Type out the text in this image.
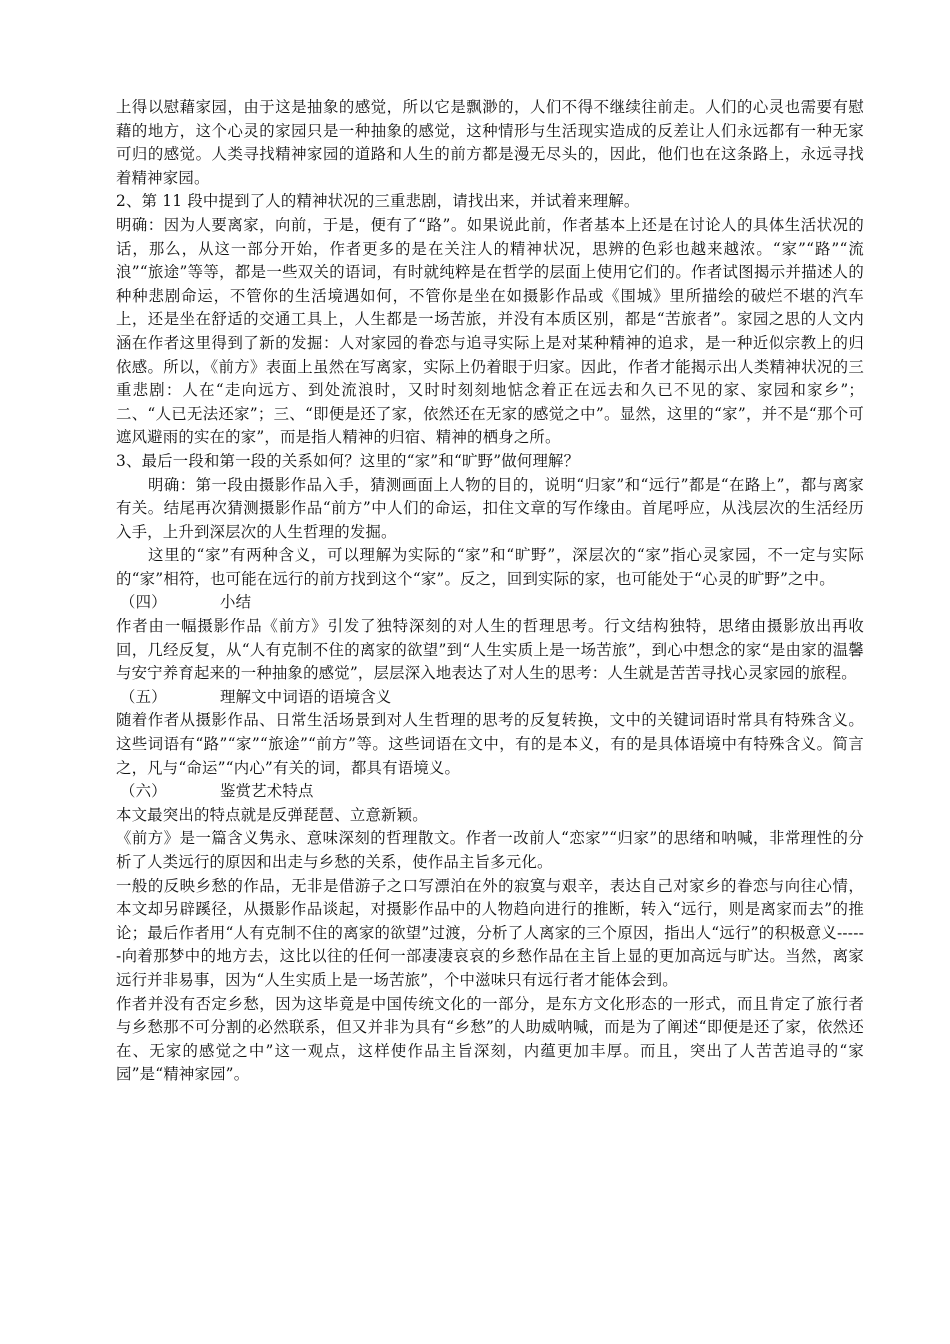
上得以慰藉家园，由于这是抽象的感觉，所以它是飘渺的，人们不得不继续往前走。人们的心灵也需要有慰藉的地方，这个心灵的家园只是一种抽象的感觉，这种情形与生活现实造成的反差让人们永远都有一种无家可归的感觉。人类寻找精神家园的道路和人生的前方都是漫无尽头的，因此，他们也在这条路上，永远寻找着精神家园。

2、第 11 段中提到了人的精神状况的三重悲剧，请找出来，并试着来理解。

明确：因为人要离家，向前，于是，便有了“路”。如果说此前，作者基本上还是在讨论人的具体生活状况的话，那么，从这一部分开始，作者更多的是在关注人的精神状况，思辨的色彩也越来越浓。“家”“路”“流浪”“旅途”等等，都是一些双关的语词，有时就纯粹是在哲学的层面上使用它们的。作者试图揭示并描述人的种种悲剧命运，不管你的生活境遇如何，不管你是坐在如摄影作品或《围城》里所描绘的破烂不堪的汽车上，还是坐在舒适的交通工具上，人生都是一场苦旅，并没有本质区别，都是“苦旅者”。家园之思的人文内涵在作者这里得到了新的发掘：人对家园的眷恋与追寻实际上是对某种精神的追求，是一种近似宗教上的归依感。所以，《前方》表面上虽然在写离家，实际上仍着眼于归家。因此，作者才能揭示出人类精神状况的三重悲剧：人在“走向远方、到处流浪时，又时时刻刻地惦念着正在远去和久已不见的家、家园和家乡”；二、“人已无法还家”；三、“即便是还了家，依然还在无家的感觉之中”。显然，这里的“家”，并不是“那个可遮风避雨的实在的家”，而是指人精神的归宿、精神的栖身之所。

3、最后一段和第一段的关系如何？这里的“家”和“旷野”做何理解？

明确：第一段由摄影作品入手，猜测画面上人物的目的，说明“归家”和“远行”都是“在路上”，都与离家有关。结尾再次猜测摄影作品“前方”中人们的命运，扣住文章的写作缘由。首尾呼应，从浅层次的生活经历入手，上升到深层次的人生哲理的发掘。

这里的“家”有两种含义，可以理解为实际的“家”和“旷野”，深层次的“家”指心灵家园，不一定与实际的“家”相符，也可能在远行的前方找到这个“家”。反之，回到实际的家，也可能处于“心灵的旷野”之中。

（四）	小结

作者由一幅摄影作品《前方》引发了独特深刻的对人生的哲理思考。行文结构独特，思绪由摄影放出再收回，几经反复，从“人有克制不住的离家的欲望”到“人生实质上是一场苦旅”，到心中想念的家“是由家的温馨与安宁养育起来的一种抽象的感觉”，层层深入地表达了对人生的思考：人生就是苦苦寻找心灵家园的旅程。

（五）	理解文中词语的语境含义

随着作者从摄影作品、日常生活场景到对人生哲理的思考的反复转换，文中的关键词语时常具有特殊含义。这些词语有“路”“家”“旅途”“前方”等。这些词语在文中，有的是本义，有的是具体语境中有特殊含义。简言之，凡与“命运”“内心”有关的词，都具有语境义。

（六）	鉴赏艺术特点

本文最突出的特点就是反弹琵琶、立意新颖。

《前方》是一篇含义隽永、意味深刻的哲理散文。作者一改前人“恋家”“归家”的思绪和呐喊，非常理性的分析了人类远行的原因和出走与乡愁的关系，使作品主旨多元化。

一般的反映乡愁的作品，无非是借游子之口写漂泊在外的寂寞与艰辛，表达自己对家乡的眷恋与向往心情，本文却另辟蹊径，从摄影作品谈起，对摄影作品中的人物趋向进行的推断，转入“远行，则是离家而去”的推论；最后作者用“人有克制不住的离家的欲望”过渡，分析了人离家的三个原因，指出人“远行”的积极意义------向着那梦中的地方去，这比以往的任何一部凄凄哀哀的乡愁作品在主旨上显的更加高远与旷达。当然，离家远行并非易事，因为“人生实质上是一场苦旅”，个中滋味只有远行者才能体会到。

作者并没有否定乡愁，因为这毕竟是中国传统文化的一部分，是东方文化形态的一形式，而且肯定了旅行者与乡愁那不可分割的必然联系，但又并非为具有“乡愁”的人助威呐喊，而是为了阐述“即便是还了家，依然还在、无家的感觉之中”这一观点，这样使作品主旨深刻，内蕴更加丰厚。而且，突出了人苦苦追寻的“家园”是“精神家园”。
